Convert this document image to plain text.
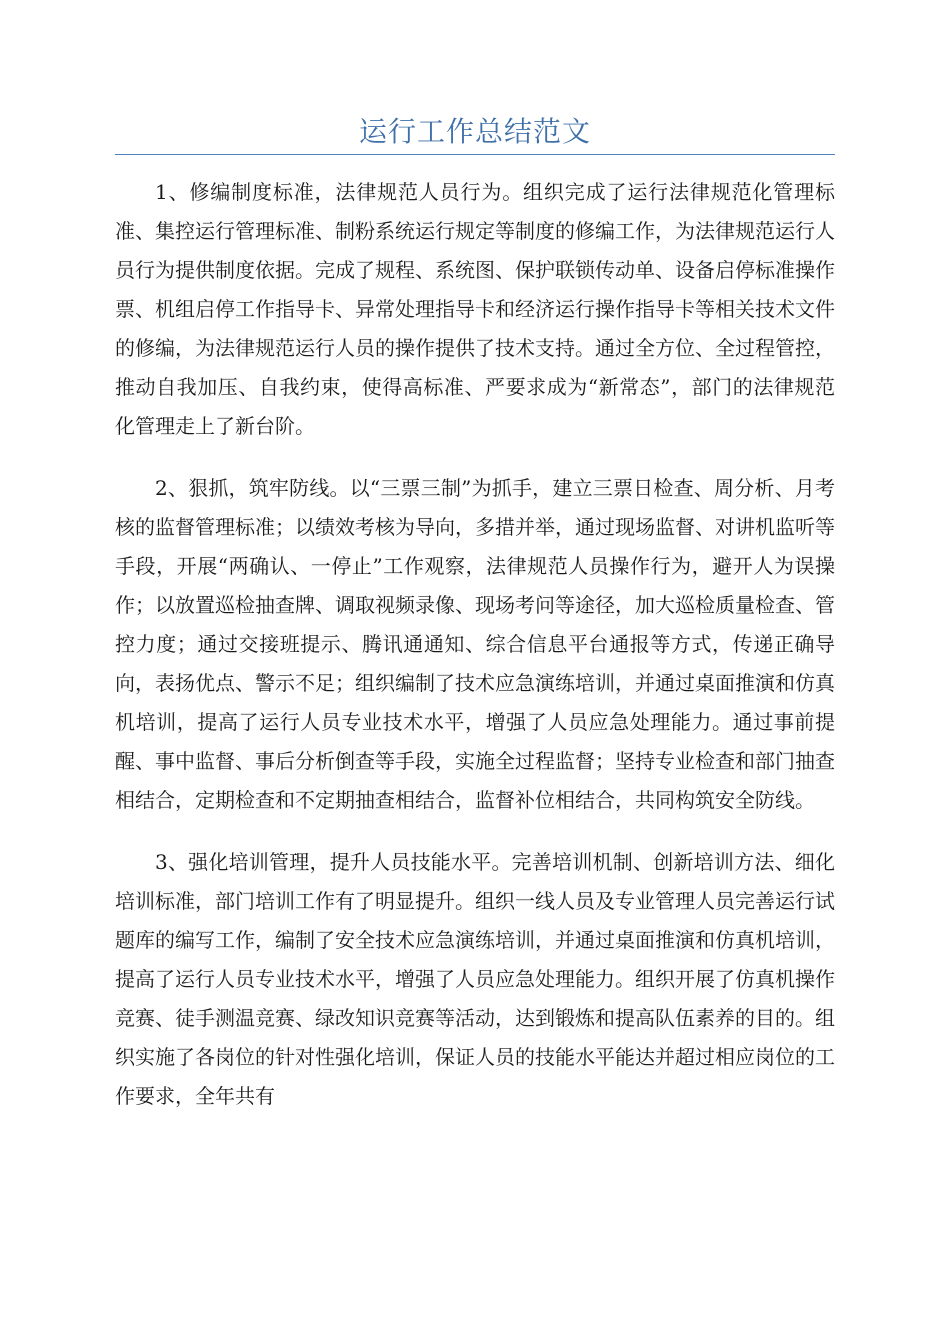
运行工作总结范文

1、修编制度标准，法律规范人员行为。组织完成了运行法律规范化管理标准、集控运行管理标准、制粉系统运行规定等制度的修编工作，为法律规范运行人员行为提供制度依据。完成了规程、系统图、保护联锁传动单、设备启停标准操作票、机组启停工作指导卡、异常处理指导卡和经济运行操作指导卡等相关技术文件的修编，为法律规范运行人员的操作提供了技术支持。通过全方位、全过程管控，推动自我加压、自我约束，使得高标准、严要求成为“新常态”，部门的法律规范化管理走上了新台阶。

2、狠抓，筑牢防线。以“三票三制”为抓手，建立三票日检查、周分析、月考核的监督管理标准；以绩效考核为导向，多措并举，通过现场监督、对讲机监听等手段，开展“两确认、一停止”工作观察，法律规范人员操作行为，避开人为误操作；以放置巡检抽查牌、调取视频录像、现场考问等途径，加大巡检质量检查、管控力度；通过交接班提示、腾讯通通知、综合信息平台通报等方式，传递正确导向，表扬优点、警示不足；组织编制了技术应急演练培训，并通过桌面推演和仿真机培训，提高了运行人员专业技术水平，增强了人员应急处理能力。通过事前提醒、事中监督、事后分析倒查等手段，实施全过程监督；坚持专业检查和部门抽查相结合，定期检查和不定期抽查相结合，监督补位相结合，共同构筑安全防线。

3、强化培训管理，提升人员技能水平。完善培训机制、创新培训方法、细化培训标准，部门培训工作有了明显提升。组织一线人员及专业管理人员完善运行试题库的编写工作，编制了安全技术应急演练培训，并通过桌面推演和仿真机培训，提高了运行人员专业技术水平，增强了人员应急处理能力。组织开展了仿真机操作竞赛、徒手测温竞赛、绿改知识竞赛等活动，达到锻炼和提高队伍素养的目的。组织实施了各岗位的针对性强化培训，保证人员的技能水平能达并超过相应岗位的工作要求，全年共有
